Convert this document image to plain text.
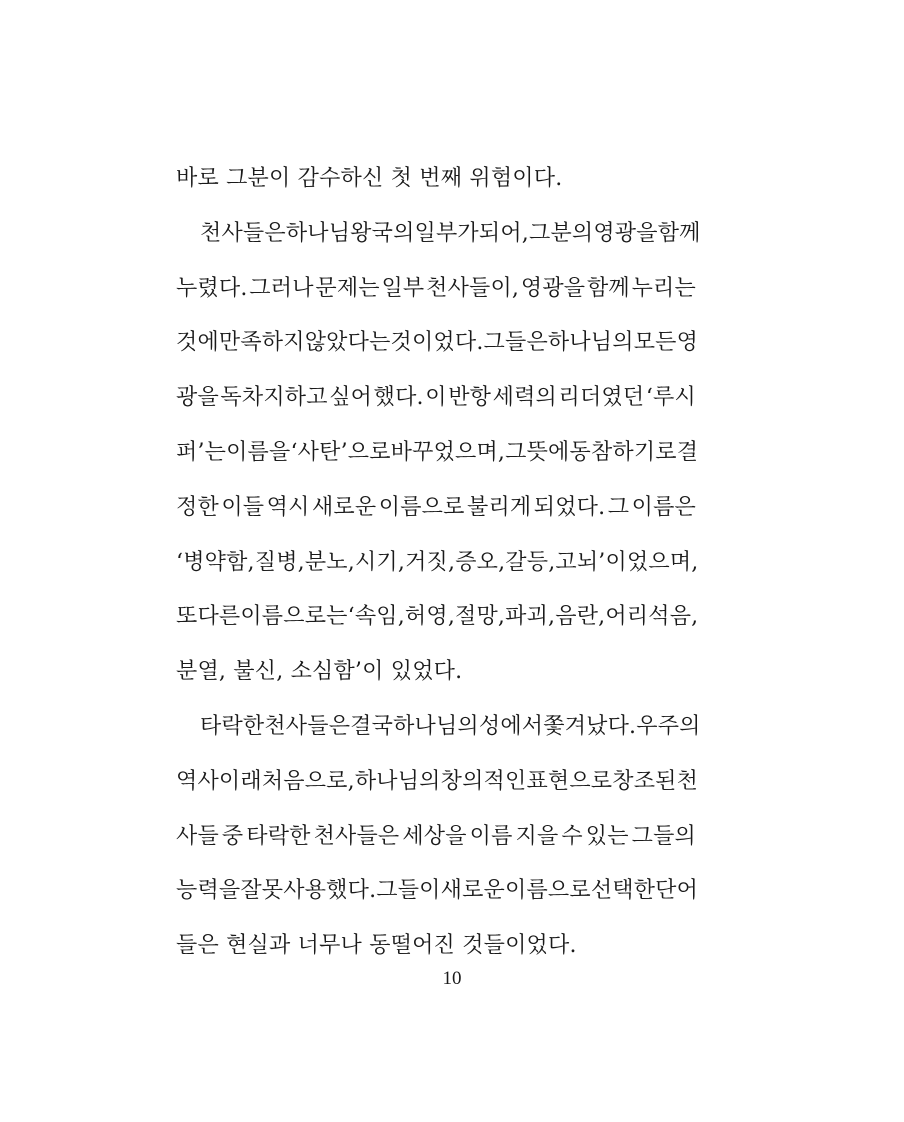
바로 그분이 감수하신 첫 번째 위험이다.
천사들은 하나님 왕국의 일부가 되어, 그분의 영광을 함께
누렸다. 그러나 문제는 일부 천사들이, 영광을 함께 누리는
것에 만족하지 않았다는 것이었다. 그들은 하나님의 모든 영
광을 독차지하고 싶어 했다. 이 반항 세력의 리더였던 ‘루시
퍼’는 이름을 ‘사탄’으로 바꾸었으며, 그 뜻에 동참하기로 결
정한 이들 역시 새로운 이름으로 불리게 되었다. 그 이름은
‘병약함, 질병, 분노, 시기, 거짓, 증오, 갈등, 고뇌’이었으며,
또 다른 이름으로는 ‘속임, 허영, 절망, 파괴, 음란, 어리석음,
분열, 불신, 소심함’이 있었다.
타락한 천사들은 결국 하나님의 성에서 쫓겨났다. 우주의
역사 이래 처음으로, 하나님의 창의적인 표현으로 창조된 천
사들 중 타락한 천사들은 세상을 이름 지을 수 있는 그들의
능력을 잘못 사용했다. 그들이 새로운 이름으로 선택한 단어
들은 현실과 너무나 동떨어진 것들이었다.
10
